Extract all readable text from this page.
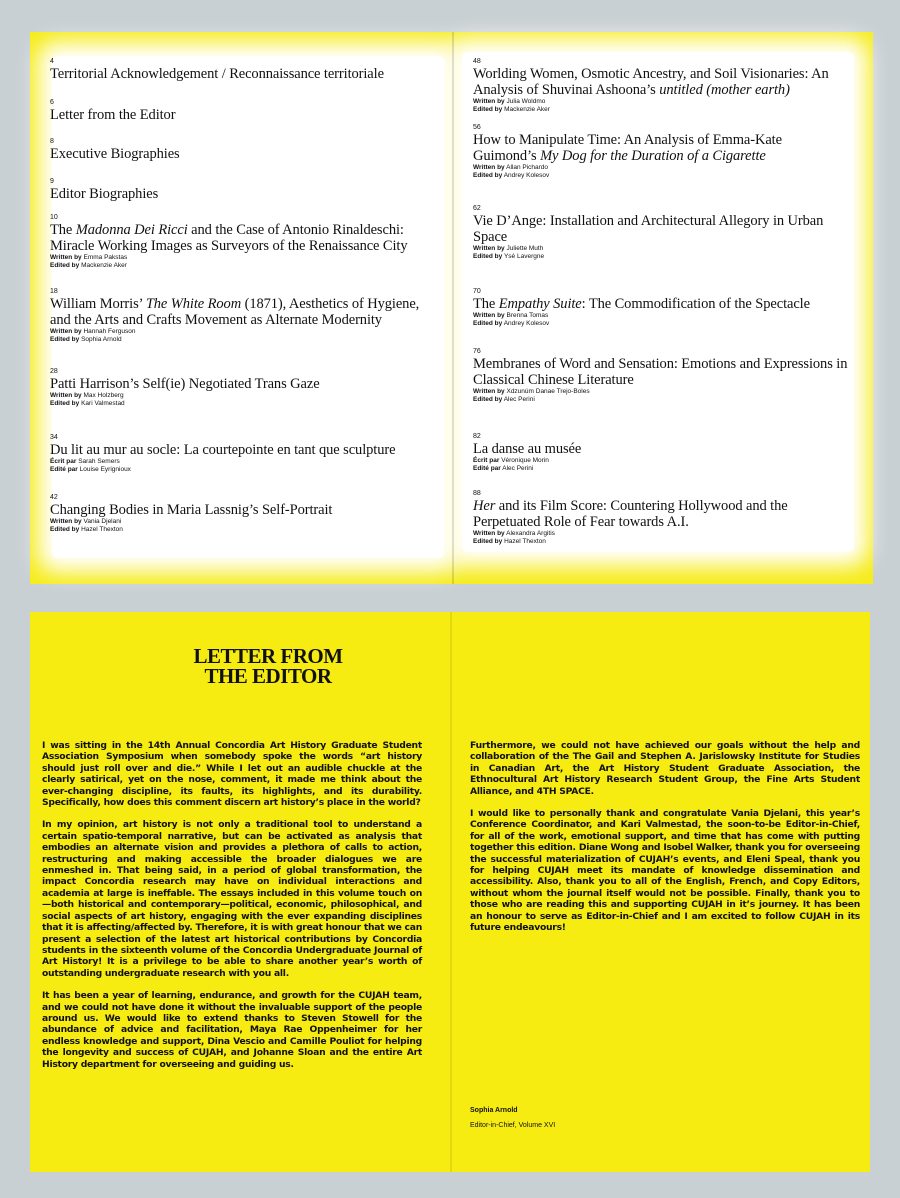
4
Territorial Acknowledgement / Reconnaissance territoriale
6
Letter from the Editor
8
Executive Biographies
9
Editor Biographies
10
The Madonna Dei Ricci and the Case of Antonio Rinaldeschi: Miracle Working Images as Surveyors of the Renaissance City
Written by Emma Pakstas
Edited by Mackenzie Aker
18
William Morris’ The White Room (1871), Aesthetics of Hygiene, and the Arts and Crafts Movement as Alternate Modernity
Written by Hannah Ferguson
Edited by Sophia Arnold
28
Patti Harrison’s Self(ie) Negotiated Trans Gaze
Written by Max Holzberg
Edited by Kari Valmestad
34
Du lit au mur au socle: La courtepointe en tant que sculpture
Écrit par Sarah Semers
Edité par Louise Eyrignioux
42
Changing Bodies in Maria Lassnig’s Self-Portrait
Written by Vania Djelani
Edited by Hazel Thexton
48
Worlding Women, Osmotic Ancestry, and Soil Visionaries: An Analysis of Shuvinai Ashoona’s untitled (mother earth)
Written by Julia Woldmo
Edited by Mackenzie Aker
56
How to Manipulate Time: An Analysis of Emma-Kate Guimond’s My Dog for the Duration of a Cigarette
Written by Allan Pichardo
Edited by Andrey Kolesov
62
Vie D’Ange: Installation and Architectural Allegory in Urban Space
Written by Juliette Muth
Edited by Ysé Lavergne
70
The Empathy Suite: The Commodification of the Spectacle
Written by Brenna Tomas
Edited by Andrey Kolesov
76
Membranes of Word and Sensation: Emotions and Expressions in Classical Chinese Literature
Written by Xdzunúm Danae Trejo-Boles
Edited by Alec Perini
82
La danse au musée
Écrit par Véronique Morin
Edité par Alec Perini
88
Her and its Film Score: Countering Hollywood and the Perpetuated Role of Fear towards A.I.
Written by Alexandra Argitis
Edited by Hazel Thexton
LETTER FROM
THE EDITOR

I was sitting in the 14th Annual Concordia Art History Graduate Student Association Symposium when somebody spoke the words “art history should just roll over and die.” While I let out an audible chuckle at the clearly satirical, yet on the nose, comment, it made me think about the ever-changing discipline, its faults, its highlights, and its durability. Specifically, how does this comment discern art history’s place in the world?

In my opinion, art history is not only a traditional tool to understand a certain spatio-temporal narrative, but can be activated as analysis that embodies an alternate vision and provides a plethora of calls to action, restructuring and making accessible the broader dialogues we are enmeshed in. That being said, in a period of global transformation, the impact Concordia research may have on individual interactions and academia at large is ineffable. The essays included in this volume touch on—both historical and contemporary—political, economic, philosophical, and social aspects of art history, engaging with the ever expanding disciplines that it is affecting/affected by. Therefore, it is with great honour that we can present a selection of the latest art historical contributions by Concordia students in the sixteenth volume of the Concordia Undergraduate Journal of Art History! It is a privilege to be able to share another year’s worth of outstanding undergraduate research with you all.

It has been a year of learning, endurance, and growth for the CUJAH team, and we could not have done it without the invaluable support of the people around us. We would like to extend thanks to Steven Stowell for the abundance of advice and facilitation, Maya Rae Oppenheimer for her endless knowledge and support, Dina Vescio and Camille Pouliot for helping the longevity and success of CUJAH, and Johanne Sloan and the entire Art History department for overseeing and guiding us.

Furthermore, we could not have achieved our goals without the help and collaboration of the The Gail and Stephen A. Jarislowsky Institute for Studies in Canadian Art, the Art History Student Graduate Association, the Ethnocultural Art History Research Student Group, the Fine Arts Student Alliance, and 4TH SPACE.

I would like to personally thank and congratulate Vania Djelani, this year’s Conference Coordinator, and Kari Valmestad, the soon-to-be Editor-in-Chief, for all of the work, emotional support, and time that has come with putting together this edition. Diane Wong and Isobel Walker, thank you for overseeing the successful materialization of CUJAH’s events, and Eleni Speal, thank you for helping CUJAH meet its mandate of knowledge dissemination and accessibility. Also, thank you to all of the English, French, and Copy Editors, without whom the journal itself would not be possible. Finally, thank you to those who are reading this and supporting CUJAH in it’s journey. It has been an honour to serve as Editor-in-Chief and I am excited to follow CUJAH in its future endeavours!

Sophia Arnold
Editor-in-Chief, Volume XVI
